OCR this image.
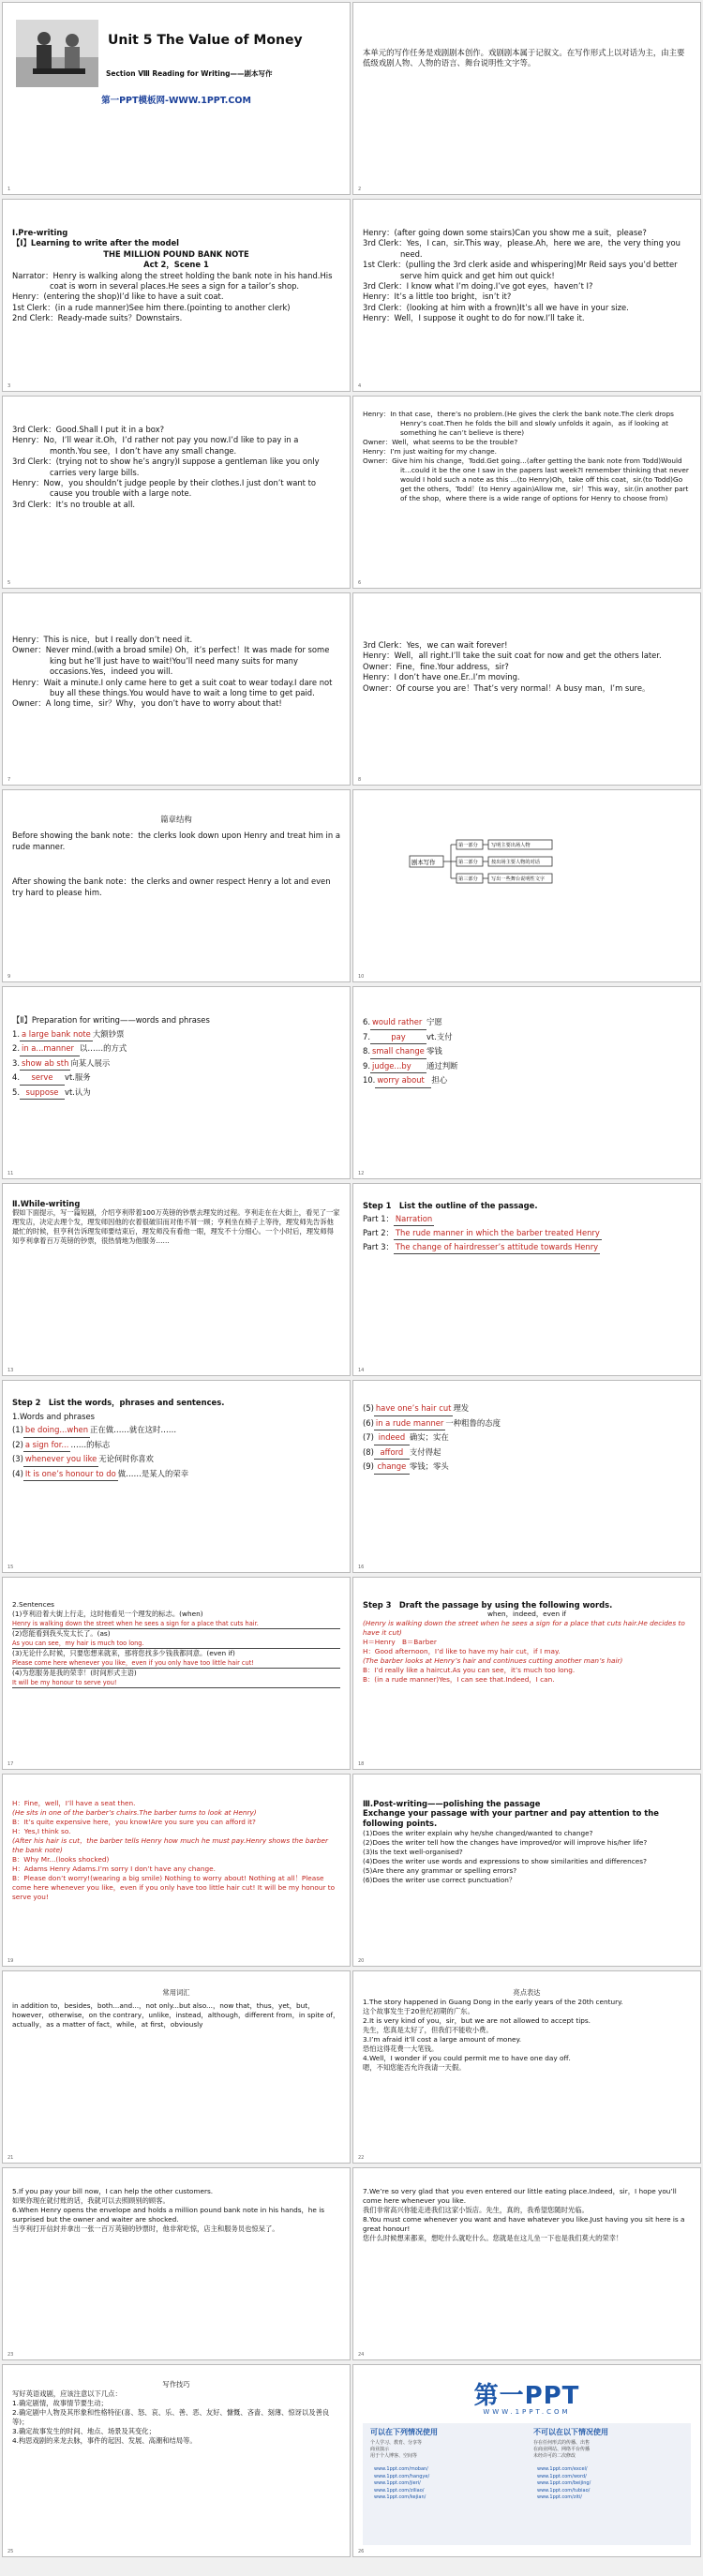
Unit 5 The Value of Money
Section Ⅷ Reading for Writing——剧本写作
第一PPT模板网-WWW.1PPT.COM
1
本单元的写作任务是戏剧剧本创作。戏剧剧本属于记叙文。在写作形式上以对话为主，由主要低级戏剧人物、人物的语言、舞台说明性文字等。
2

Ⅰ.Pre-writing

【Ⅰ】Learning to write after the model

THE MILLION POUND BANK NOTE

Act 2，Scene 1

Narrator：Henry is walking along the street holding the bank note in his hand.His coat is worn in several places.He sees a sign for a tailor’s shop.

Henry：(entering the shop)I’d like to have a suit coat.

1st Clerk：(in a rude manner)See him there.(pointing to another clerk)

2nd Clerk：Ready-made suits？Downstairs.

3

Henry：(after going down some stairs)Can you show me a suit，please?

3rd Clerk：Yes，I can，sir.This way，please.Ah，here we are，the very thing you need.

1st Clerk：(pulling the 3rd clerk aside and whispering)Mr Reid says you’d better serve him quick and get him out quick!

3rd Clerk：I know what I’m doing.I’ve got eyes，haven’t I?

Henry：It’s a little too bright，isn’t it?

3rd Clerk：(looking at him with a frown)It’s all we have in your size.

Henry：Well，I suppose it ought to do for now.I’ll take it.

4

3rd Clerk：Good.Shall I put it in a box?

Henry：No，I’ll wear it.Oh，I’d rather not pay you now.I’d like to pay in a month.You see，I don’t have any small change.

3rd Clerk：(trying not to show he’s angry)I suppose a gentleman like you only carries very large bills.

Henry：Now，you shouldn’t judge people by their clothes.I just don’t want to cause you trouble with a large note.

3rd Clerk：It’s no trouble at all.

5

Henry：In that case，there’s no problem.(He gives the clerk the bank note.The clerk drops Henry’s coat.Then he folds the bill and slowly unfolds it again，as if looking at something he can’t believe is there)

Owner：Well，what seems to be the trouble?

Henry：I’m just waiting for my change.

Owner：Give him his change，Todd.Get going...(after getting the bank note from Todd)Would it...could it be the one I saw in the papers last week?I remember thinking that never would I hold such a note as this ...(to Henry)Oh，take off this coat，sir.(to Todd)Go get the others，Todd！(to Henry again)Allow me，sir！This way，sir.(in another part of the shop，where there is a wide range of options for Henry to choose from)

6

Henry：This is nice，but I really don’t need it.

Owner：Never mind.(with a broad smile) Oh，it’s perfect！It was made for some king but he’ll just have to wait!You’ll need many suits for many occasions.Yes，indeed you will.

Henry：Wait a minute.I only came here to get a suit coat to wear today.I dare not buy all these things.You would have to wait a long time to get paid.

Owner：A long time，sir？Why，you don’t have to worry about that!

7

3rd Clerk：Yes，we can wait forever!

Henry：Well，all right.I’ll take the suit coat for now and get the others later.

Owner：Fine，fine.Your address，sir?

Henry：I don’t have one.Er..I’m moving.

Owner：Of course you are！That’s very normal！A busy man，I’m sure。

8

篇章结构

Before showing the bank note：the clerks look down upon Henry and treat him in a rude manner.

After showing the bank note：the clerks and owner respect Henry a lot and even try hard to please him.

9
剧本写作
第一部分
第二部分
第三部分
写明主要出场人物
按出场主要人物的对话
写出一些舞台说明性文字
10

【Ⅱ】Preparation for writing——words and phrases

1. a large bank note 大额钞票

2. in a...manner 以……的方式

3. show ab sth 向某人展示

4. serve vt.服务

5. suppose vt.认为

11

6. would rather 宁愿

7.	pay	vt.支付

8. small change 零钱

9. judge...by 通过判断

10. worry about 担心

12

Ⅱ.While-writing

假如下面提示，写一篇短剧，介绍亨利带着100万英镑的钞票去理发的过程。亨利走在在大街上，看见了一家理发店，决定去理个发，理发师因他的衣着很破旧而对他不屑一顾；亨利坐在椅子上等待，理发师先告诉他最忙的时候，但亨利告诉理发师要结束后，理发师没有看他一眼，理发不十分细心。一个小时后，理发师得知亨利拿着百万英镑的钞票，很热情地为他服务……

13

Step 1　List the outline of the passage.

Part 1： Narration

Part 2： The rude manner in which the barber treated Henry

Part 3： The change of hairdresser’s attitude towards Henry

14

Step 2　List the words，phrases and sentences.

1.Words and phrases

(1) be doing...when 正在做……就在这时……

(2) a sign for... ……的标志

(3) whenever you like 无论何时你喜欢

(4) It is one’s honour to do 做……是某人的荣幸

15

(5) have one’s hair cut 理发

(6) in a rude manner 一种粗鲁的态度

(7) indeed 确实；实在

(8) afford 支付得起

(9) change 零钱；零头

16

2.Sentences

(1)亨利沿着大街上行走，这时他看见一个理发的标志。(when)

Henry is walking down the street when he sees a sign for a place that cuts hair.

(2)您能看到我头发太长了。(as)

As you can see，my hair is much too long.

(3)无论什么时候，只要您想来就来，那将您找多少钱我都同意。(even if)

Please come here whenever you like，even if you only have too little hair cut!

(4)为您服务是我的荣幸！(时间形式主语)

It will be my honour to serve you!

17

Step 3　Draft the passage by using the following words.

when，indeed，even if

(Henry is walking down the street when he sees a sign for a place that cuts hair.He decides to have it cut)

H＝Henry　B＝Barber

H：Good afternoon，I’d like to have my hair cut，if I may.

(The barber looks at Henry’s hair and continues cutting another man’s hair)

B：I’d really like a haircut.As you can see，it’s much too long.

B：(in a rude manner)Yes，I can see that.Indeed，I can.

18

H：Fine，well，I’ll have a seat then.

(He sits in one of the barber’s chairs.The barber turns to look at Henry)

B：It’s quite expensive here，you know!Are you sure you can afford it?

H：Yes,I think so.

(After his hair is cut，the barber tells Henry how much he must pay.Henry shows the barber the bank note)

B：Why Mr...(looks shocked)

H：Adams Henry Adams.I’m sorry I don’t have any change.

B：Please don’t worry!(wearing a big smile) Nothing to worry about! Nothing at all！Please come here whenever you like，even if you only have too little hair cut! It will be my honour to serve you!

19

Ⅲ.Post-writing——polishing the passage

Exchange your passage with your partner and pay attention to the following points.

(1)Does the writer explain why he/she changed/wanted to change?

(2)Does the writer tell how the changes have improved/or will improve his/her life?

(3)Is the text well-organised?

(4)Does the writer use words and expressions to show similarities and differences?

(5)Are there any grammar or spelling errors?

(6)Does the writer use correct punctuation？

20

常用词汇

in addition to，besides，both...and...，not only...but also...，now that，thus，yet，but，however，otherwise，on the contrary，unlike，instead，although，different from，in spite of，actually，as a matter of fact，while，at first，obviously

21

亮点表达

1.The story happened in Guang Dong in the early years of the 20th century.

这个故事发生于20世纪初期的广东。

2.It is very kind of you，sir，but we are not allowed to accept tips.

先生，您真是太好了，但我们不能收小费。

3.I’m afraid it’ll cost a large amount of money.

恐怕这得花费一大笔钱。

4.Well，I wonder if you could permit me to have one day off.

嗯，不知您能否允许我请一天假。

22

5.If you pay your bill now，I can help the other customers.

如果你现在就付账的话，我就可以去照顾别的顾客。

6.When Henry opens the envelope and holds a million pound bank note in his hands，he is surprised but the owner and waiter are shocked.

当亨利打开信封并拿出一张一百万英镑的钞票时，他非常吃惊，店主和服务员也惊呆了。

23

7.We’re so very glad that you even entered our little eating place.Indeed，sir，I hope you’ll come here whenever you like.

我们非常高兴你能走进我们这家小饭店。先生，真的，我希望您随时光临。

8.You must come whenever you want and have whatever you like.Just having you sit here is a great honour!

您什么时候想来都来，想吃什么就吃什么。您就是在这儿坐一下也是我们莫大的荣幸！

24

写作技巧

写好英语戏剧，应该注意以下几点：

1.确定剧情，故事情节要生动；

2.确定剧中人物及其形象和性格特征(喜、怒、哀、乐、善、恶、友好、慷慨、吝啬、刻薄、惊讶以及善良等)；

3.确定故事发生的时间、地点、场景及其变化；

4.构思戏剧的来龙去脉，事件的起因、发展、高潮和结局等。

25
第一PPT
WWW.1PPT.COM
可以在下列情况使用	不可以在以下情况使用

个人学习、教育、分享等

商业演示

用于个人博客、空间等

存在任何形式的传播、出售

在商业网站、网络平台传播

未经许可的二次修改

www.1ppt.com/moban/

www.1ppt.com/hangye/

www.1ppt.com/jieri/

www.1ppt.com/ziliao/

www.1ppt.com/kejian/

www.1ppt.com/excel/

www.1ppt.com/word/

www.1ppt.com/beijing/

www.1ppt.com/tubiao/

www.1ppt.com/ziti/

26
